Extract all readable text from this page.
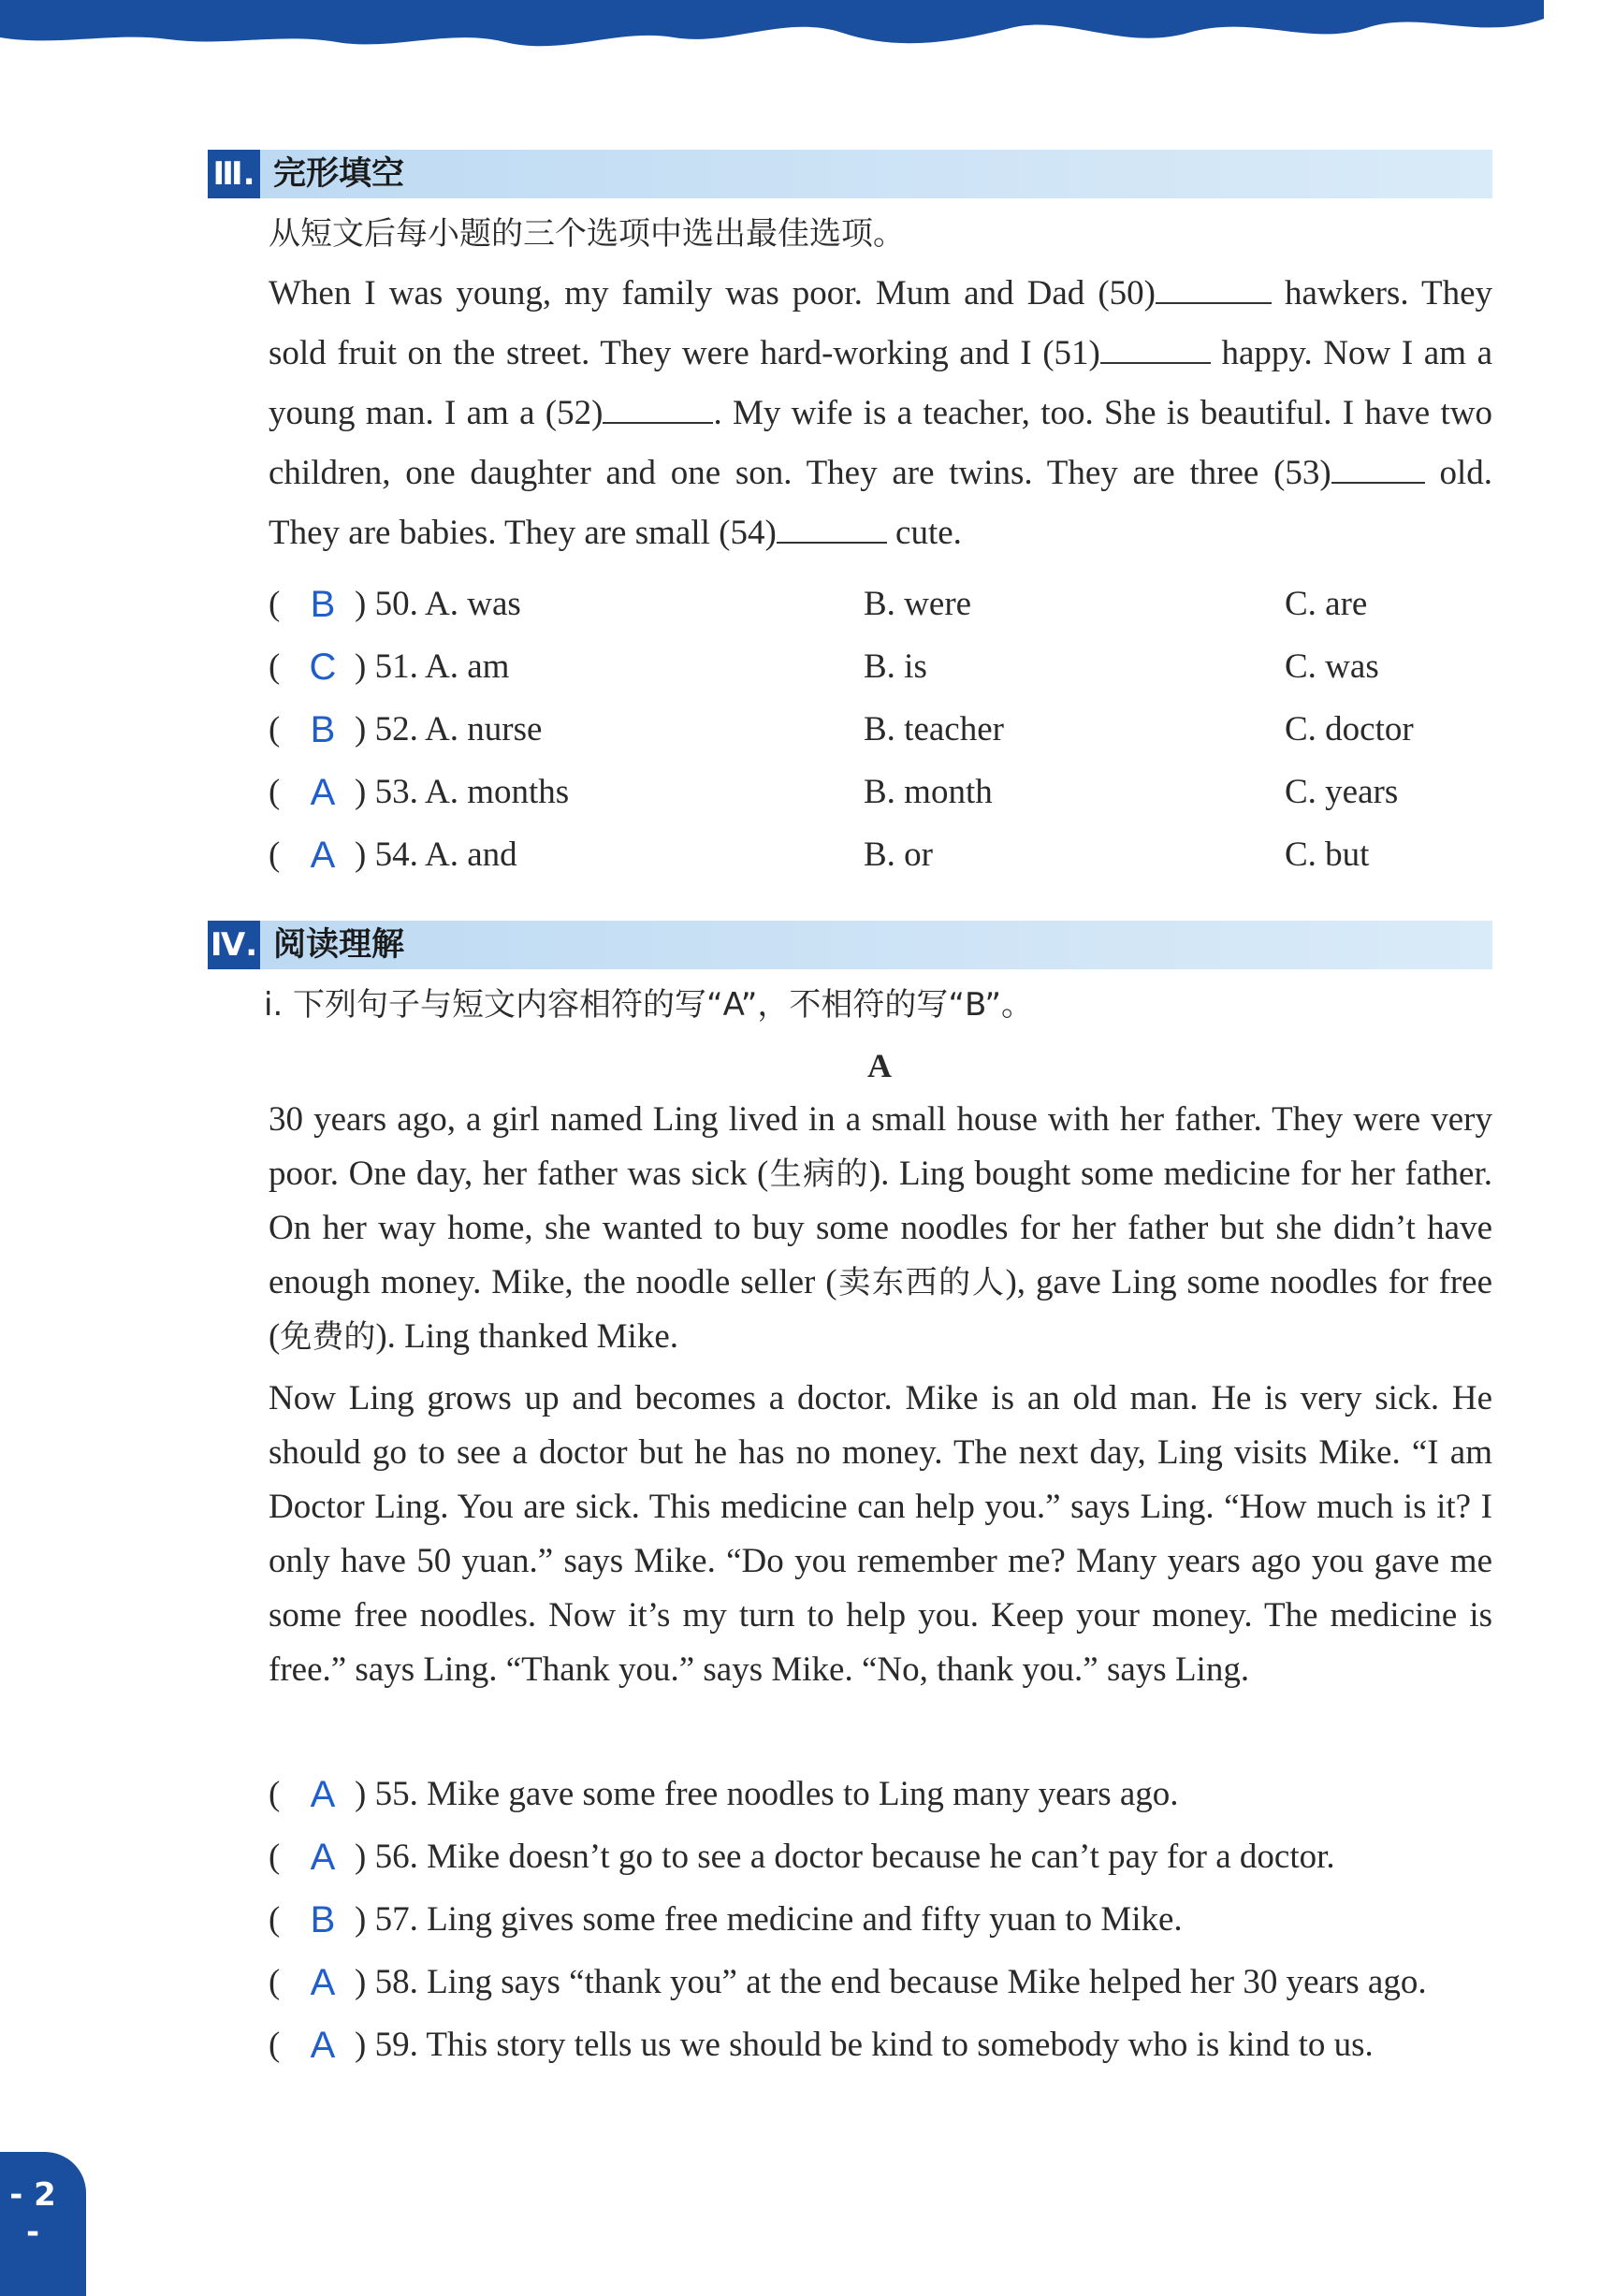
Ⅲ. 完形填空
从短文后每小题的三个选项中选出最佳选项。
When I was young, my family was poor. Mum and Dad (50)	hawkers. They sold fruit on the street. They were hard-working and I (51)	happy. Now I am a young man. I am a (52)	. My wife is a teacher, too. She is beautiful. I have two children, one daughter and one son. They are twins. They are three (53)	old. They are babies. They are small (54)	cute.
( B ) 50. A. was	B. were	C. are
( C ) 51. A. am	B. is	C. was
( B ) 52. A. nurse	B. teacher	C. doctor
( A ) 53. A. months	B. month	C. years
( A ) 54. A. and	B. or	C. but
Ⅳ. 阅读理解
ⅰ. 下列句子与短文内容相符的写“A”，不相符的写“B”。
A
30 years ago, a girl named Ling lived in a small house with her father. They were very poor. One day, her father was sick (生病的). Ling bought some medicine for her father. On her way home, she wanted to buy some noodles for her father but she didn’t have enough money. Mike, the noodle seller (卖东西的人), gave Ling some noodles for free (免费的). Ling thanked Mike.
Now Ling grows up and becomes a doctor. Mike is an old man. He is very sick. He should go to see a doctor but he has no money. The next day, Ling visits Mike. “I am Doctor Ling. You are sick. This medicine can help you.” says Ling. “How much is it? I only have 50 yuan.” says Mike. “Do you remember me? Many years ago you gave me some free noodles. Now it’s my turn to help you. Keep your money. The medicine is free.” says Ling. “Thank you.” says Mike. “No, thank you.” says Ling.
( A ) 55. Mike gave some free noodles to Ling many years ago.
( A ) 56. Mike doesn’t go to see a doctor because he can’t pay for a doctor.
( B ) 57. Ling gives some free medicine and fifty yuan to Mike.
( A ) 58. Ling says “thank you” at the end because Mike helped her 30 years ago.
( A ) 59. This story tells us we should be kind to somebody who is kind to us.
- 2 -
